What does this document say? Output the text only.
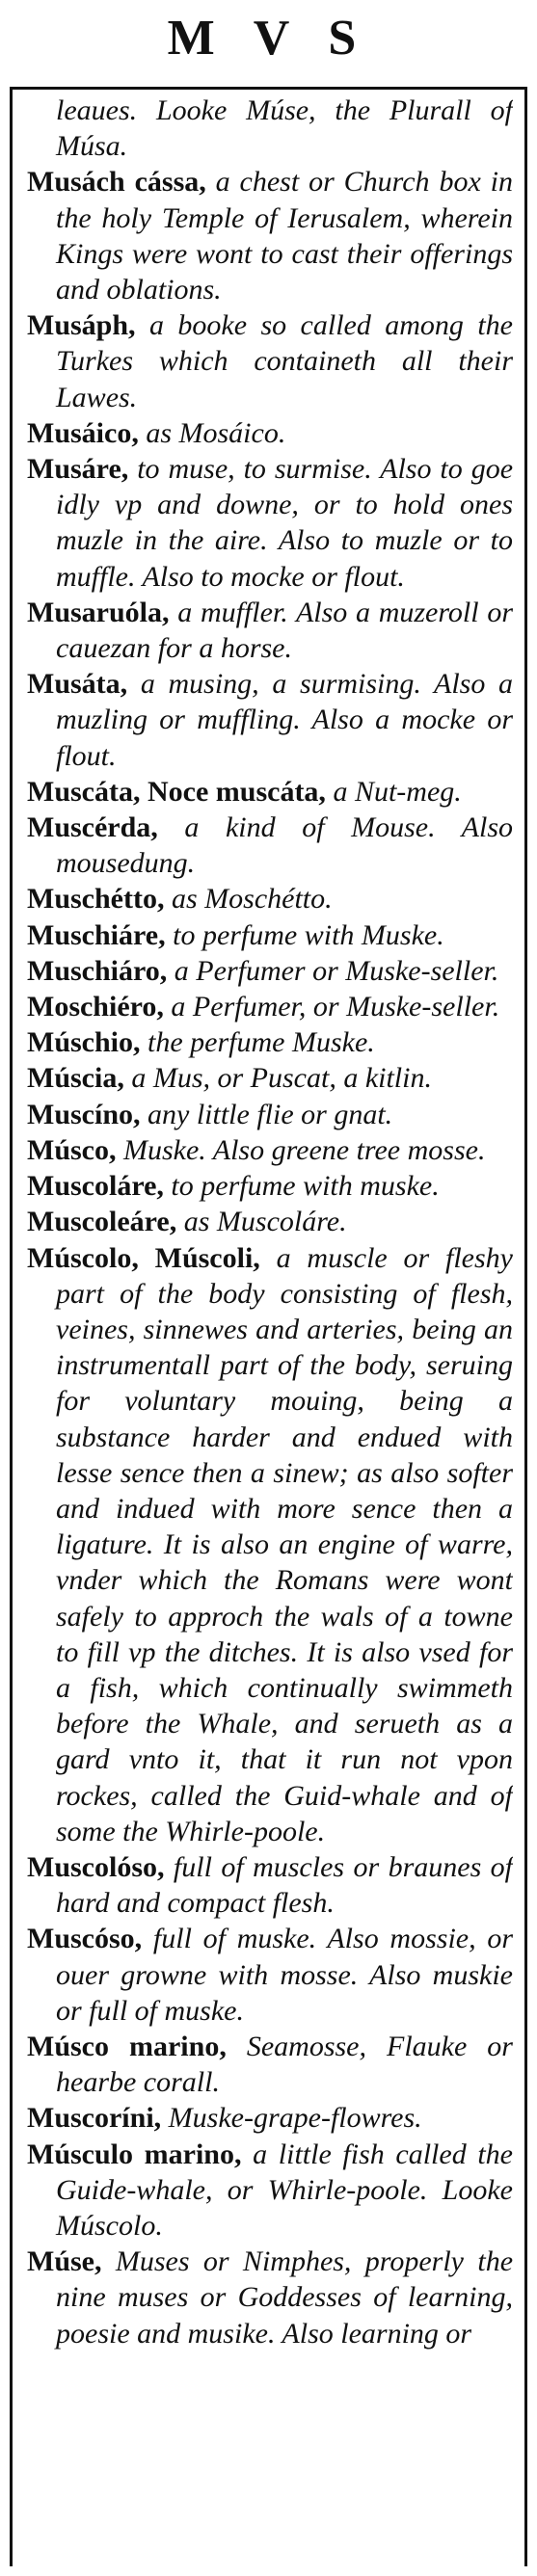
M V S

leaues. Looke Múse, the Plurall of Músa.

Musách cássa, a chest or Church box in the holy Temple of Ierusalem, wherein Kings were wont to cast their offerings and oblations.

Musáph, a booke so called among the Turkes which containeth all their Lawes.

Musáico, as Mosáico.

Musáre, to muse, to surmise. Also to goe idly vp and downe, or to hold ones muzle in the aire. Also to muzle or to muffle. Also to mocke or flout.

Musaruóla, a muffler. Also a muzeroll or cauezan for a horse.

Musáta, a musing, a surmising. Also a muzling or muffling. Also a mocke or flout.

Muscáta, Noce muscáta, a Nut-meg.

Muscérda, a kind of Mouse. Also mousedung.

Muschétto, as Moschétto.

Muschiáre, to perfume with Muske.

Muschiáro, a Perfumer or Muske-seller.

Moschiéro, a Perfumer, or Muske-seller.

Múschio, the perfume Muske.

Múscia, a Mus, or Puscat, a kitlin.

Muscíno, any little flie or gnat.

Músco, Muske. Also greene tree mosse.

Muscoláre, to perfume with muske.

Muscoleáre, as Muscoláre.

Múscolo, Múscoli, a muscle or fleshy part of the body consisting of flesh, veines, sinnewes and arteries, being an instrumentall part of the body, seruing for voluntary mouing, being a substance harder and endued with lesse sence then a sinew; as also softer and indued with more sence then a ligature. It is also an engine of warre, vnder which the Romans were wont safely to approch the wals of a towne to fill vp the ditches. It is also vsed for a fish, which continually swimmeth before the Whale, and serueth as a gard vnto it, that it run not vpon rockes, called the Guid-whale and of some the Whirle-poole.

Muscolóso, full of muscles or braunes of hard and compact flesh.

Muscóso, full of muske. Also mossie, or ouer growne with mosse. Also muskie or full of muske.

Músco marino, Seamosse, Flauke or hearbe corall.

Muscoríni, Muske-grape-flowres.

Músculo marino, a little fish called the Guide-whale, or Whirle-poole. Looke Múscolo.

Múse, Muses or Nimphes, properly the nine muses or Goddesses of learning, poesie and musike. Also learning or
